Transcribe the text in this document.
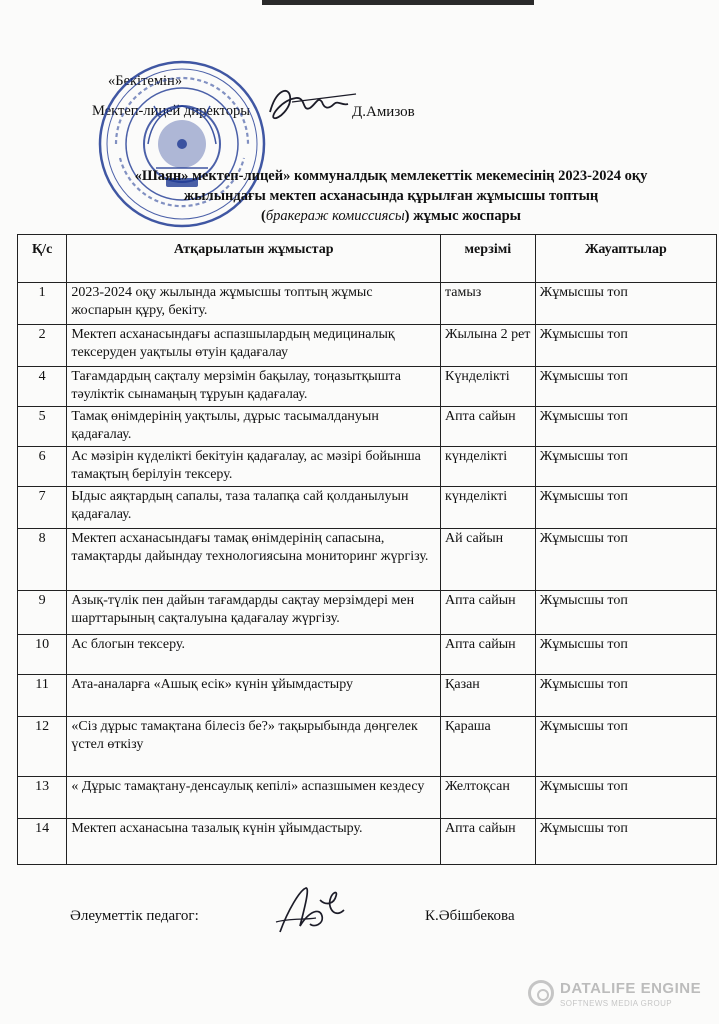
«Бекітемін»
Мектеп-лицей директоры	Д.Амизов
«Шаян» мектеп-лицей» коммуналдық мемлекеттік мекемесінің 2023-2024 оқу
жылындағы мектеп асханасында құрылған жұмысшы топтың
(бракераж комиссиясы) жұмыс жоспары
Қ/с	Атқарылатын жұмыстар	мерзімі	Жауаптылар
1	2023-2024 оқу жылында жұмысшы топтың жұмыс жоспарын құру, бекіту.	тамыз	Жұмысшы топ
2	Мектеп асханасындағы аспазшылардың медициналық тексеруден уақтылы өтуін қадағалау	Жылына 2 рет	Жұмысшы топ
4	Тағамдардың сақталу мерзімін бақылау, тоңазытқышта тәуліктік сынамаңың тұруын қадағалау.	Күнделікті	Жұмысшы топ
5	Тамақ өнімдерінің уақтылы, дұрыс тасымалдануын қадағалау.	Апта сайын	Жұмысшы топ
6	Ас мәзірін күделікті бекітуін қадағалау, ас мәзірі бойынша тамақтың берілуін тексеру.	күнделікті	Жұмысшы топ
7	Ыдыс аяқтардың сапалы, таза талапқа сай қолданылуын қадағалау.	күнделікті	Жұмысшы топ
8	Мектеп асханасындағы тамақ өнімдерінің сапасына, тамақтарды дайындау технологиясына мониторинг жүргізу.	Ай сайын	Жұмысшы топ
9	Азық-түлік пен дайын тағамдарды сақтау мерзімдері мен шарттарының сақталуына қадағалау жүргізу.	Апта сайын	Жұмысшы топ
10	Ас блогын тексеру.	Апта сайын	Жұмысшы топ
11	Ата-аналарға «Ашық есік» күнін ұйымдастыру	Қазан	Жұмысшы топ
12	«Сіз дұрыс тамақтана білесіз бе?» тақырыбында дөңгелек үстел өткізу	Қараша	Жұмысшы топ
13	« Дұрыс тамақтану-денсаулық кепілі» аспазшымен кездесу	Желтоқсан	Жұмысшы топ
14	Мектеп асханасына тазалық күнін ұйымдастыру.	Апта сайын	Жұмысшы топ
Әлеуметтік педагог:	К.Әбішбекова
DATALIFE ENGINE
SOFTNEWS MEDIA GROUP
